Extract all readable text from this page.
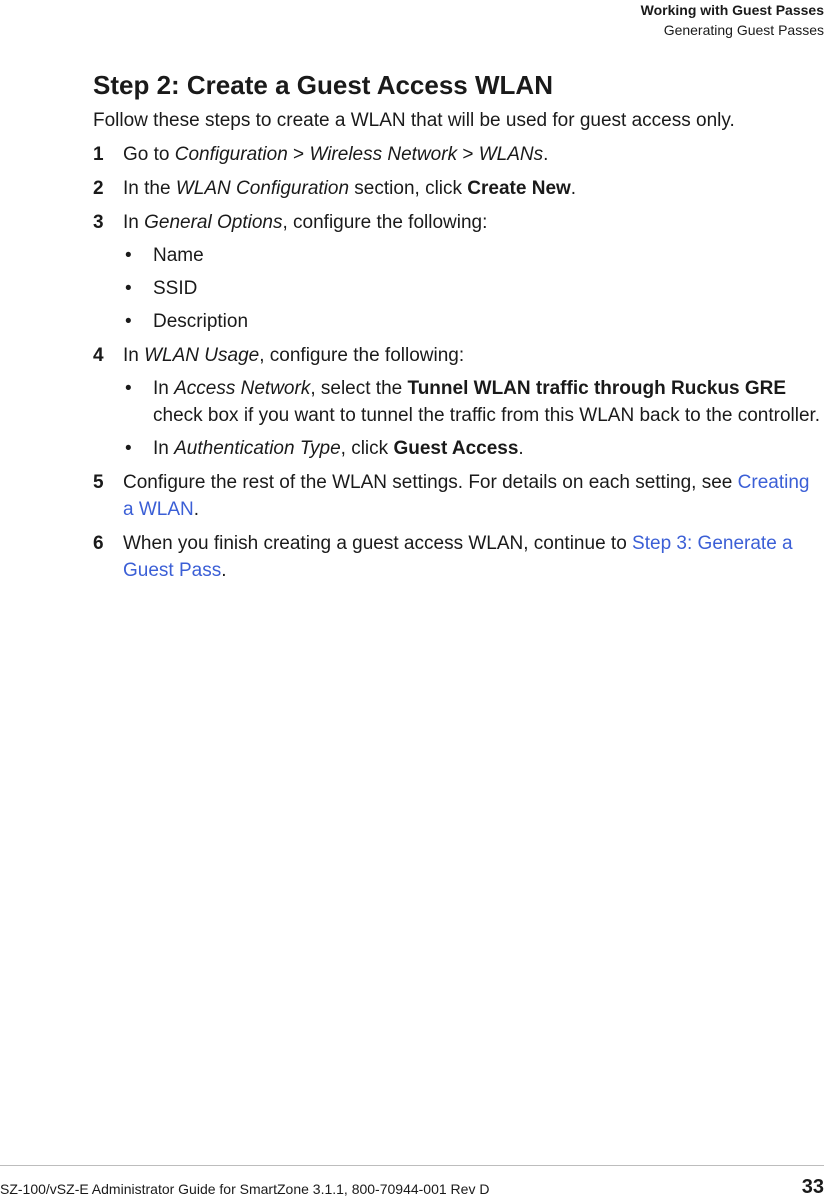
Working with Guest Passes
Generating Guest Passes
Step 2: Create a Guest Access WLAN

Follow these steps to create a WLAN that will be used for guest access only.

1 Go to Configuration > Wireless Network > WLANs.
2 In the WLAN Configuration section, click Create New.
3 In General Options, configure the following:
• Name
• SSID
• Description
4 In WLAN Usage, configure the following:
• In Access Network, select the Tunnel WLAN traffic through Ruckus GRE check box if you want to tunnel the traffic from this WLAN back to the controller.
• In Authentication Type, click Guest Access.
5 Configure the rest of the WLAN settings. For details on each setting, see Creating a WLAN.
6 When you finish creating a guest access WLAN, continue to Step 3: Generate a Guest Pass.
SZ-100/vSZ-E Administrator Guide for SmartZone 3.1.1, 800-70944-001 Rev D	33
